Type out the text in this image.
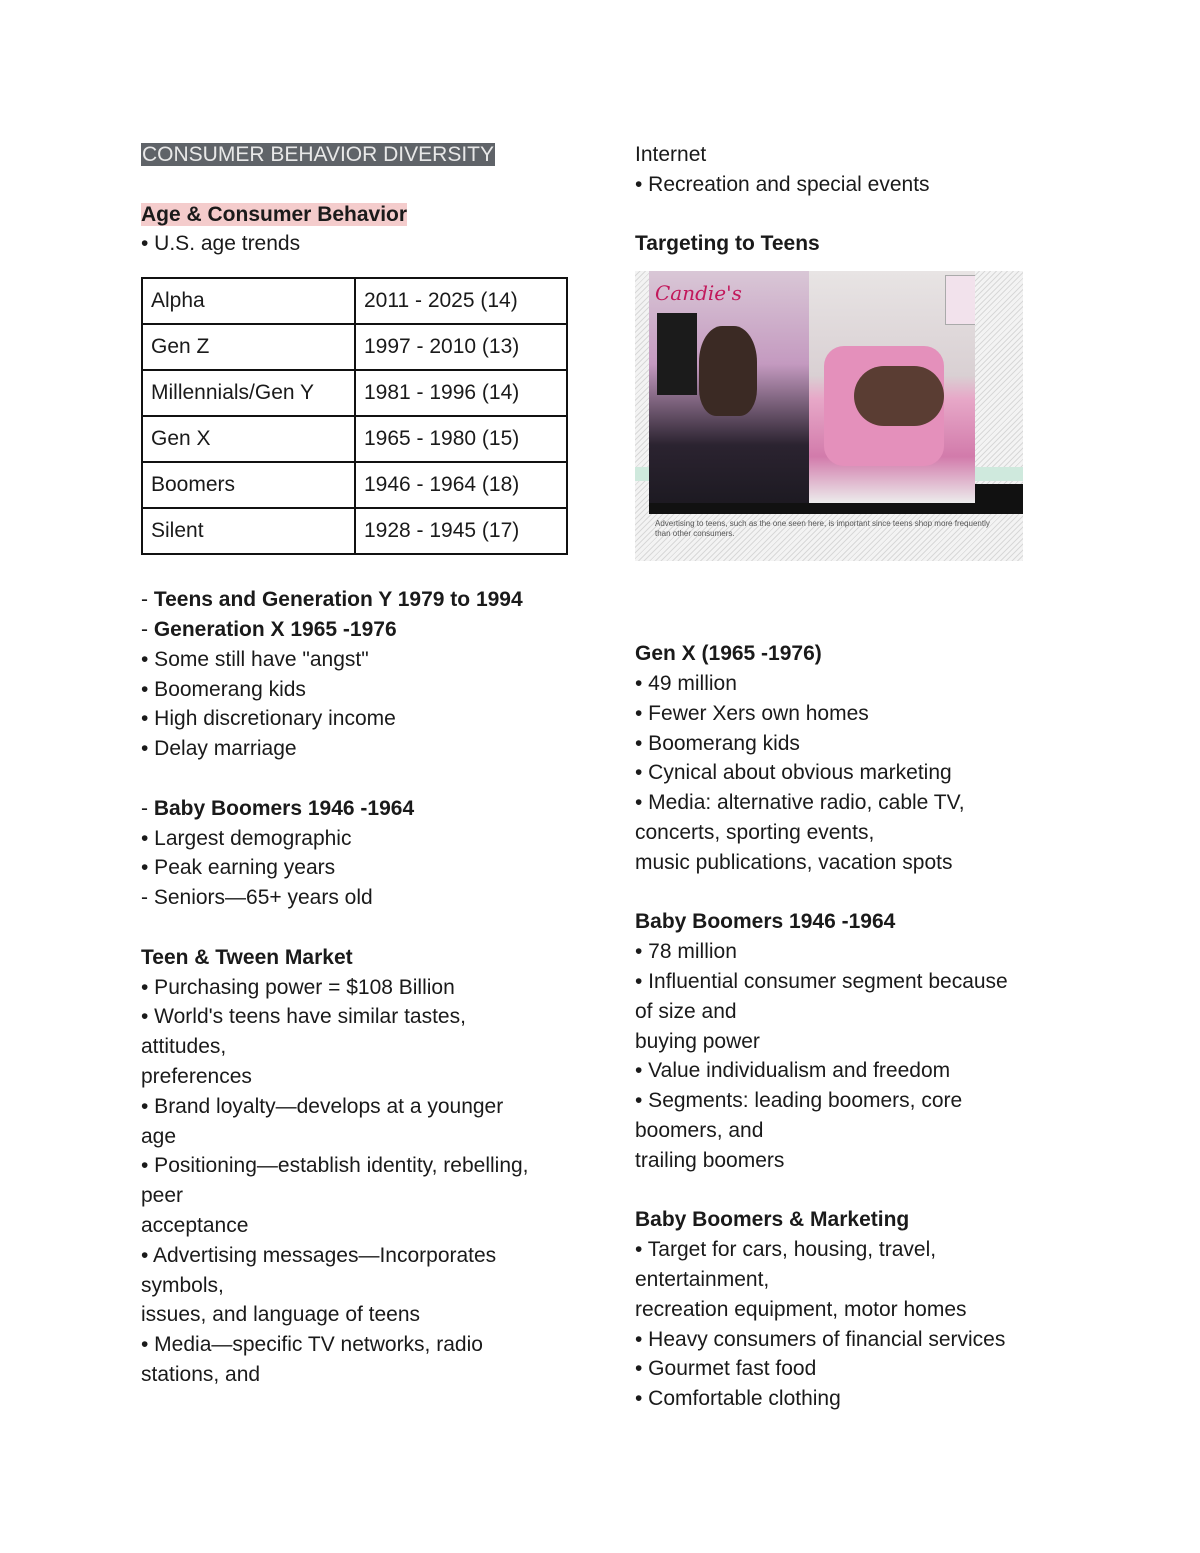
CONSUMER BEHAVIOR DIVERSITY
Age & Consumer Behavior
• U.S. age trends
Alpha	2011 - 2025 (14)
Gen Z	1997 - 2010 (13)
Millennials/Gen Y	1981 - 1996 (14)
Gen X	1965 - 1980 (15)
Boomers	1946 - 1964 (18)
Silent	1928 - 1945 (17)
- Teens and Generation Y 1979 to 1994
- Generation X 1965 -1976
• Some still have "angst"
• Boomerang kids
• High discretionary income
• Delay marriage
- Baby Boomers 1946 -1964
• Largest demographic
• Peak earning years
- Seniors—65+ years old
Teen & Tween Market
• Purchasing power = $108 Billion
• World's teens have similar tastes,
attitudes,
preferences
• Brand loyalty—develops at a younger
age
• Positioning—establish identity, rebelling,
peer
acceptance
• Advertising messages—Incorporates
symbols,
issues, and language of teens
• Media—specific TV networks, radio
stations, and
Internet
• Recreation and special events
Targeting to Teens
Candie's
Advertising to teens, such as the one seen here, is important since teens shop more frequently than other consumers.
Gen X (1965 -1976)
• 49 million
• Fewer Xers own homes
• Boomerang kids
• Cynical about obvious marketing
• Media: alternative radio, cable TV,
concerts, sporting events,
music publications, vacation spots
Baby Boomers 1946 -1964
• 78 million
• Influential consumer segment because
of size and
buying power
• Value individualism and freedom
• Segments: leading boomers, core
boomers, and
trailing boomers
Baby Boomers & Marketing
• Target for cars, housing, travel,
entertainment,
recreation equipment, motor homes
• Heavy consumers of financial services
• Gourmet fast food
• Comfortable clothing
